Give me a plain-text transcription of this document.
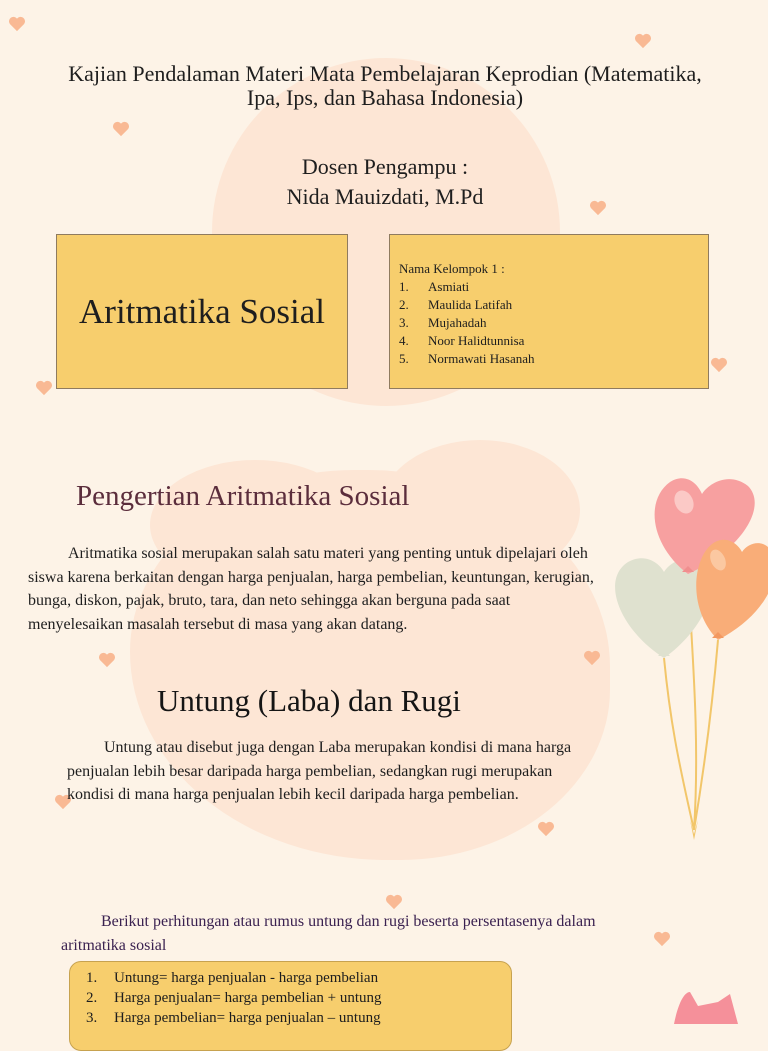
Kajian Pendalaman Materi Mata Pembelajaran Keprodian (Matematika, Ipa, Ips, dan Bahasa Indonesia)
Dosen Pengampu :
Nida Mauizdati, M.Pd
Aritmatika Sosial
Nama Kelompok 1 :
1.	Asmiati
2.	Maulida Latifah
3.	Mujahadah
4.	Noor Halidtunnisa
5.	Normawati Hasanah
Pengertian Aritmatika Sosial

Aritmatika sosial merupakan salah satu materi yang penting untuk dipelajari oleh siswa karena berkaitan dengan harga penjualan, harga pembelian, keuntungan, kerugian, bunga, diskon, pajak, bruto, tara, dan neto sehingga akan berguna pada saat menyelesaikan masalah tersebut di masa yang akan datang.

Untung (Laba) dan Rugi

Untung atau disebut juga dengan Laba merupakan kondisi di mana harga penjualan lebih besar daripada harga pembelian, sedangkan rugi merupakan kondisi di mana harga penjualan lebih kecil daripada harga pembelian.

Berikut perhitungan atau rumus untung dan rugi beserta persentasenya dalam aritmatika sosial

1.	Untung= harga penjualan - harga pembelian
2.	Harga penjualan= harga pembelian + untung
3.	Harga pembelian= harga penjualan – untung
